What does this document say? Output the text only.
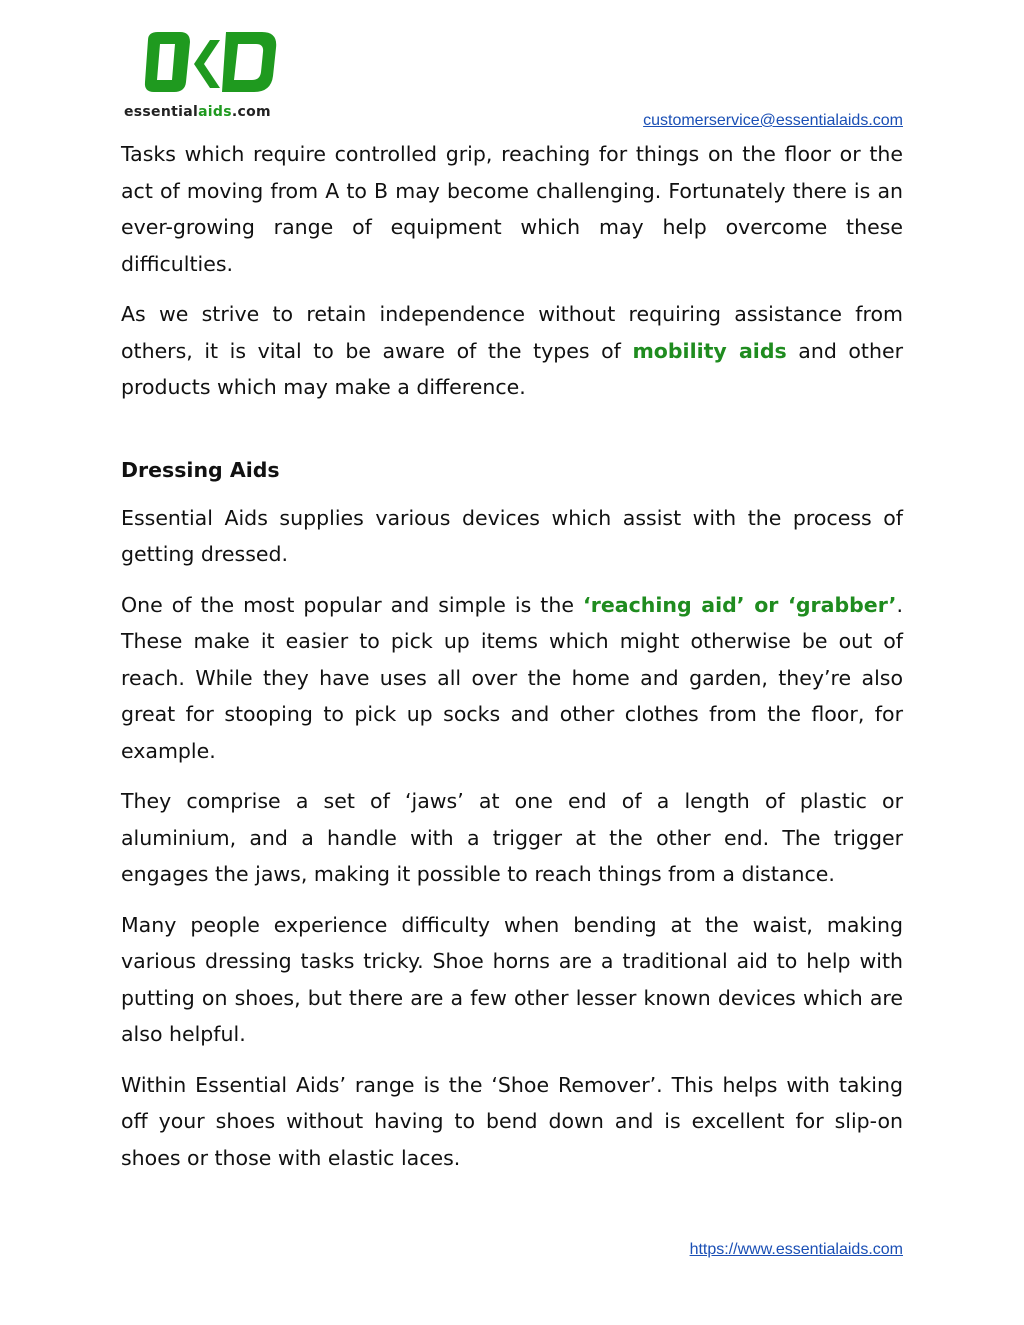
essentialaids.com	customerservice@essentialaids.com

Tasks which require controlled grip, reaching for things on the floor or the act of moving from A to B may become challenging. Fortunately there is an ever-growing range of equipment which may help overcome these difficulties.

As we strive to retain independence without requiring assistance from others, it is vital to be aware of the types of mobility aids and other products which may make a difference.

Dressing Aids

Essential Aids supplies various devices which assist with the process of getting dressed.

One of the most popular and simple is the ‘reaching aid’ or ‘grabber’. These make it easier to pick up items which might otherwise be out of reach. While they have uses all over the home and garden, they’re also great for stooping to pick up socks and other clothes from the floor, for example.

They comprise a set of ‘jaws’ at one end of a length of plastic or aluminium, and a handle with a trigger at the other end. The trigger engages the jaws, making it possible to reach things from a distance.

Many people experience difficulty when bending at the waist, making various dressing tasks tricky. Shoe horns are a traditional aid to help with putting on shoes, but there are a few other lesser known devices which are also helpful.

Within Essential Aids’ range is the ‘Shoe Remover’. This helps with taking off your shoes without having to bend down and is excellent for slip-on shoes or those with elastic laces.

https://www.essentialaids.com
